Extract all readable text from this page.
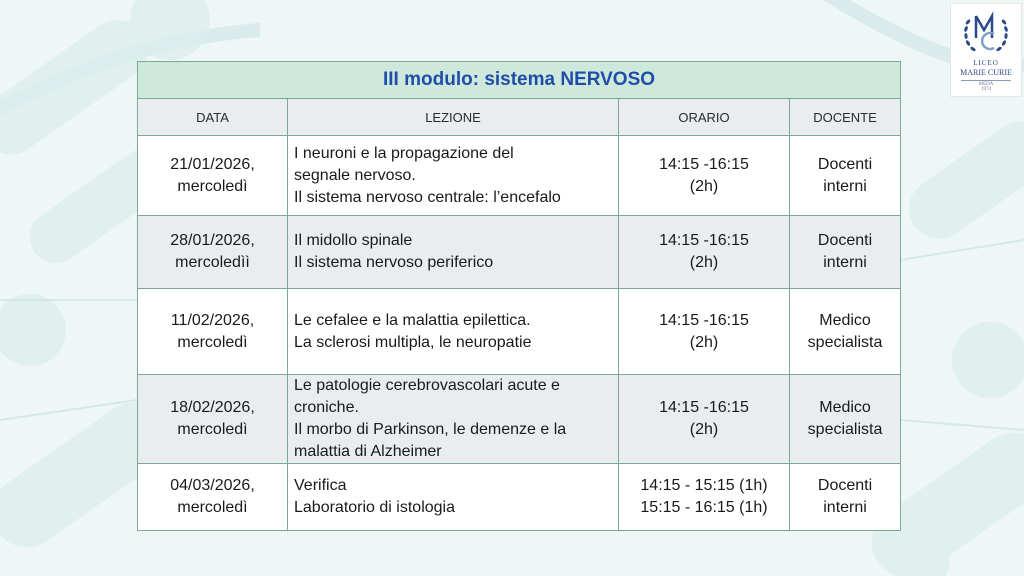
LICEO
MARIE CURIE
MEDA
1974
III modulo: sistema NERVOSO			
DATA	LEZIONE	ORARIO	DOCENTE

21/01/2026,
mercoledì	I neuroni e la propagazione del
segnale nervoso.
Il sistema nervoso centrale: l’encefalo	14:15 -16:15
(2h)	Docenti
interni

28/01/2026,
mercoledìì	Il midollo spinale
Il sistema nervoso periferico	14:15 -16:15
(2h)	Docenti
interni

11/02/2026,
mercoledì	Le cefalee e la malattia epilettica.
La sclerosi multipla, le neuropatie	14:15 -16:15
(2h)	Medico
specialista

18/02/2026,
mercoledì	Le patologie cerebrovascolari acute e
croniche.
Il morbo di Parkinson, le demenze e la
malattia di Alzheimer	14:15 -16:15
(2h)	Medico
specialista

04/03/2026,
mercoledì	Verifica
Laboratorio di istologia	14:15 - 15:15 (1h)
15:15 - 16:15 (1h)	Docenti
interni
